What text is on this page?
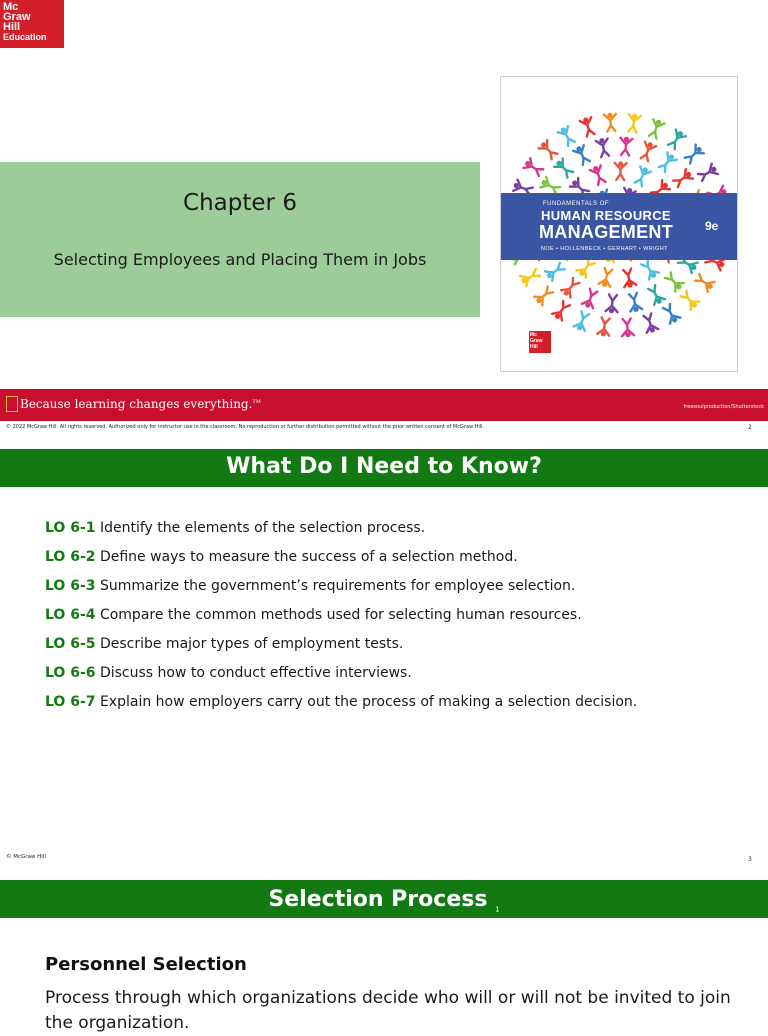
Mc
Graw
Hill
Education
Chapter 6
Selecting Employees and Placing Them in Jobs
FUNDAMENTALS OF
HUMAN RESOURCE
MANAGEMENT	9e
NOE • HOLLENBECK • GERHART • WRIGHT
Mc
Graw
Hill
Because learning changes everything.™
freesoulproduction/Shutterstock
© 2022 McGraw Hill. All rights reserved. Authorized only for instructor use in the classroom. No reproduction or further distribution permitted without the prior written consent of McGraw Hill.	2
What Do I Need to Know?
LO 6-1 Identify the elements of the selection process.
LO 6-2 Define ways to measure the success of a selection method.
LO 6-3 Summarize the government’s requirements for employee selection.
LO 6-4 Compare the common methods used for selecting human resources.
LO 6-5 Describe major types of employment tests.
LO 6-6 Discuss how to conduct effective interviews.
LO 6-7 Explain how employers carry out the process of making a selection decision.
© McGraw Hill	3
Selection Process $_1$
Personnel Selection
Process through which organizations decide who will or will not be invited to join the organization.
